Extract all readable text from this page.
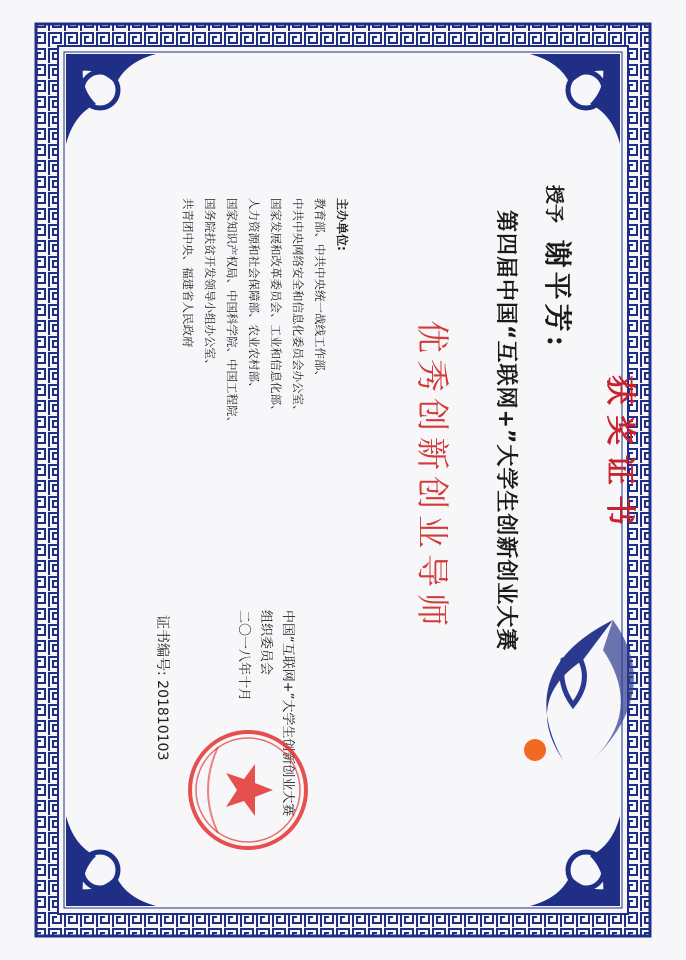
获奖证书
授予 谢平芳:
第四届中国“互联网+”大学生创新创业大赛
优秀创新创业导师
主办单位:
教育部、中共中央统一战线工作部、
中共中央网络安全和信息化委员会办公室、
国家发展和改革委员会、工业和信息化部、
人力资源和社会保障部、农业农村部、
国家知识产权局、中国科学院、中国工程院、
国务院扶贫开发领导小组办公室、
共青团中央、福建省人民政府
中国“互联网+”大学生创新创业大赛
组织委员会
二〇一八年十月
证书编号: 20181010З
